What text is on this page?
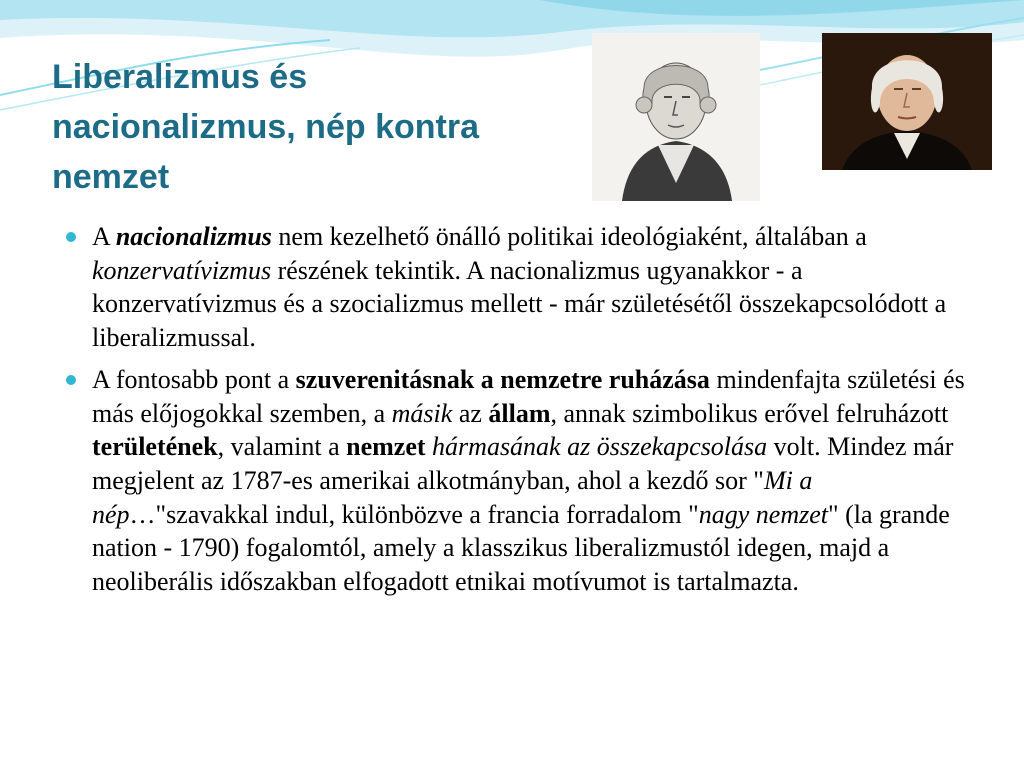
Liberalizmus és
nacionalizmus, nép kontra
nemzet
A nacionalizmus nem kezelhető önálló politikai ideológiaként, általában a konzervatívizmus részének tekintik. A nacionalizmus ugyanakkor - a konzervatívizmus és a szocializmus mellett - már születésétől összekapcsolódott a liberalizmussal.
A fontosabb pont a szuverenitásnak a nemzetre ruházása mindenfajta születési és más előjogokkal szemben, a másik az állam, annak szimbolikus erővel felruházott területének, valamint a nemzet hármasának az összekapcsolása volt. Mindez már megjelent az 1787-es amerikai alkotmányban, ahol a kezdő sor "Mi a nép…"szavakkal indul, különbözve a francia forradalom "nagy nemzet" (la grande nation - 1790) fogalomtól, amely a klasszikus liberalizmustól idegen, majd a neoliberális időszakban elfogadott etnikai motívumot is tartalmazta.
